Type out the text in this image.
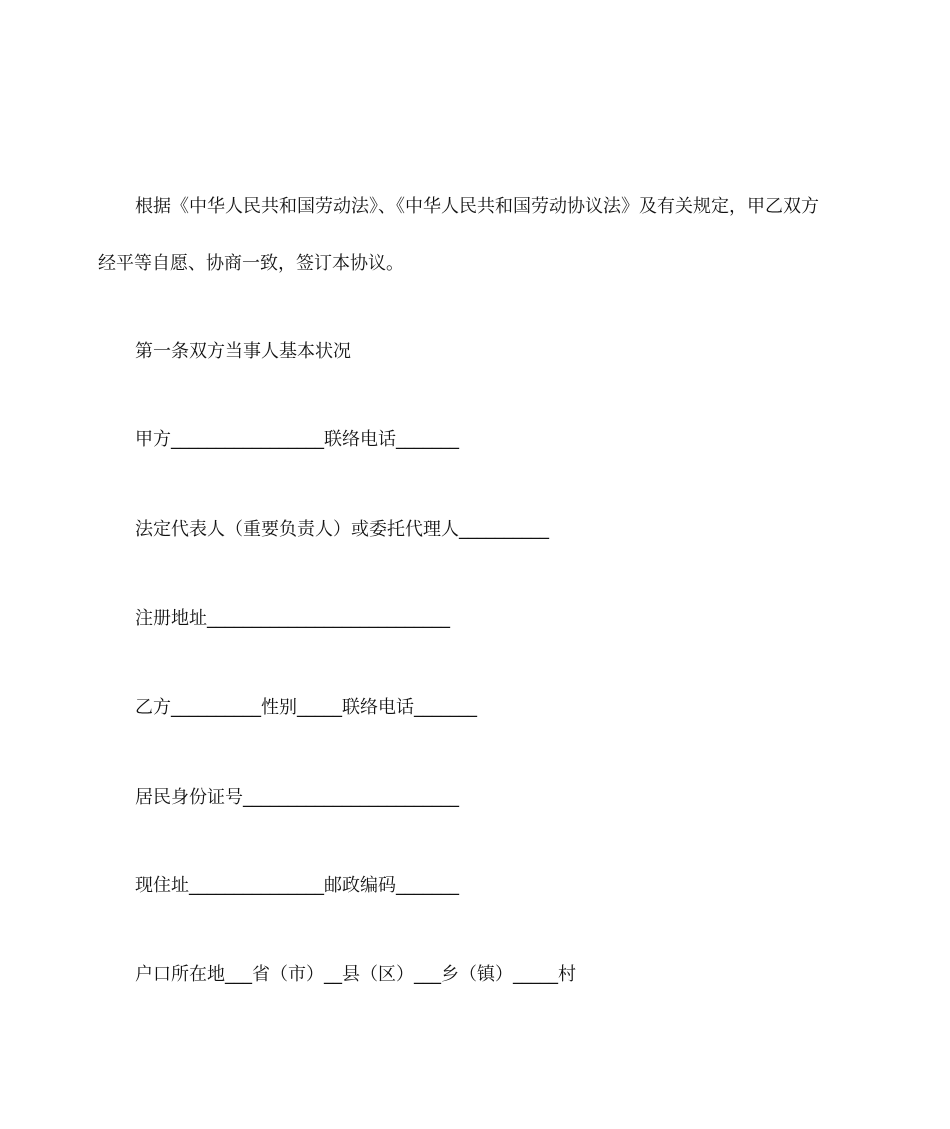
根据《中华人民共和国劳动法》、《中华人民共和国劳动协议法》及有关规定，甲乙双方
经平等自愿、协商一致，签订本协议。
第一条双方当事人基本状况
甲方_________________联络电话_______
法定代表人（重要负责人）或委托代理人__________
注册地址___________________________
乙方__________性别_____联络电话_______
居民身份证号________________________
现住址_______________邮政编码_______
户口所在地___省（市）__县（区）___乡（镇）_____村
